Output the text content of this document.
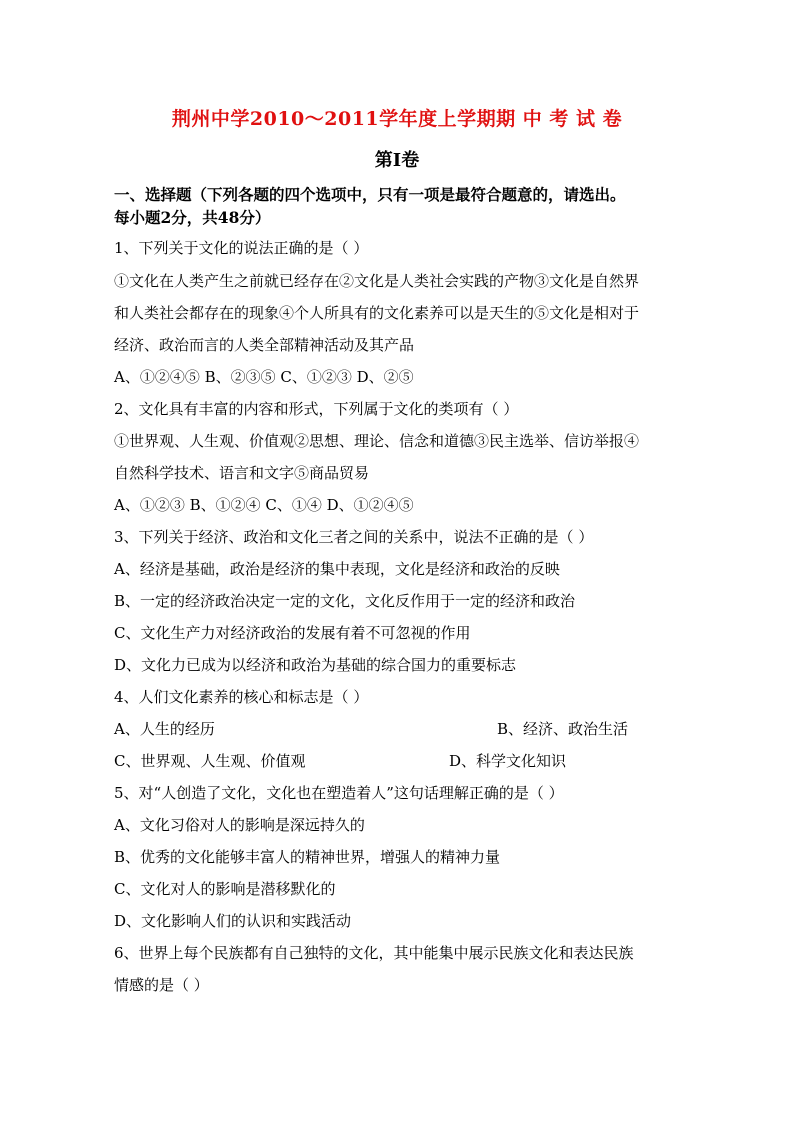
荆州中学2010～2011学年度上学期期 中 考 试 卷
第Ⅰ卷
一、选择题（下列各题的四个选项中，只有一项是最符合题意的，请选出。
每小题2分，共48分）
1、下列关于文化的说法正确的是（ ）
①文化在人类产生之前就已经存在②文化是人类社会实践的产物③文化是自然界
和人类社会都存在的现象④个人所具有的文化素养可以是天生的⑤文化是相对于
经济、政治而言的人类全部精神活动及其产品
A、①②④⑤ B、②③⑤ C、①②③ D、②⑤
2、文化具有丰富的内容和形式，下列属于文化的类项有（ ）
①世界观、人生观、价值观②思想、理论、信念和道德③民主选举、信访举报④
自然科学技术、语言和文字⑤商品贸易
A、①②③ B、①②④ C、①④ D、①②④⑤
3、下列关于经济、政治和文化三者之间的关系中，说法不正确的是（ ）
A、经济是基础，政治是经济的集中表现，文化是经济和政治的反映
B、一定的经济政治决定一定的文化，文化反作用于一定的经济和政治
C、文化生产力对经济政治的发展有着不可忽视的作用
D、文化力已成为以经济和政治为基础的综合国力的重要标志
4、人们文化素养的核心和标志是（ ）
A、人生的经历	B、经济、政治生活
C、世界观、人生观、价值观	D、科学文化知识
5、对“人创造了文化，文化也在塑造着人”这句话理解正确的是（ ）
A、文化习俗对人的影响是深远持久的
B、优秀的文化能够丰富人的精神世界，增强人的精神力量
C、文化对人的影响是潜移默化的
D、文化影响人们的认识和实践活动
6、世界上每个民族都有自己独特的文化，其中能集中展示民族文化和表达民族
情感的是（ ）
